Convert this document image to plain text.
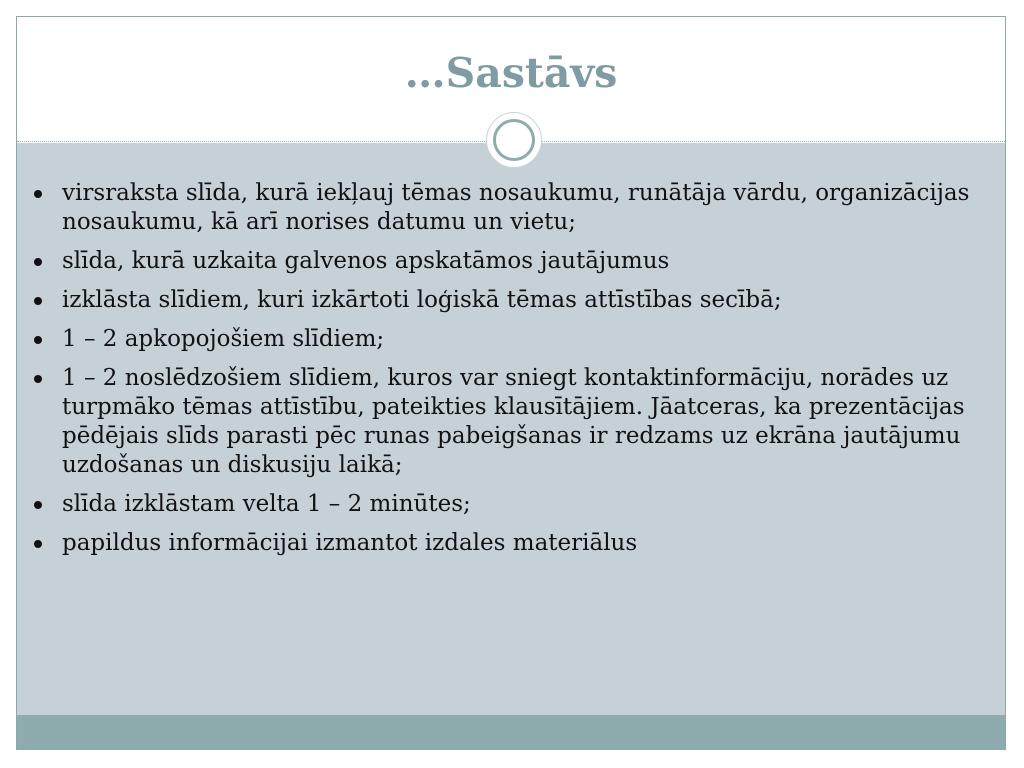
…Sastāvs
virsraksta slīda, kurā iekļauj tēmas nosaukumu, runātāja vārdu, organizācijas nosaukumu, kā arī norises datumu un vietu;
slīda, kurā uzkaita galvenos apskatāmos jautājumus
izklāsta slīdiem, kuri izkārtoti loģiskā tēmas attīstības secībā;
1 – 2 apkopojošiem slīdiem;
1 – 2 noslēdzošiem slīdiem, kuros var sniegt kontaktinformāciju, norādes uz turpmāko tēmas attīstību, pateikties klausītājiem. Jāatceras, ka prezentācijas pēdējais slīds parasti pēc runas pabeigšanas ir redzams uz ekrāna jautājumu uzdošanas un diskusiju laikā;
slīda izklāstam velta 1 – 2 minūtes;
papildus informācijai izmantot izdales materiālus
